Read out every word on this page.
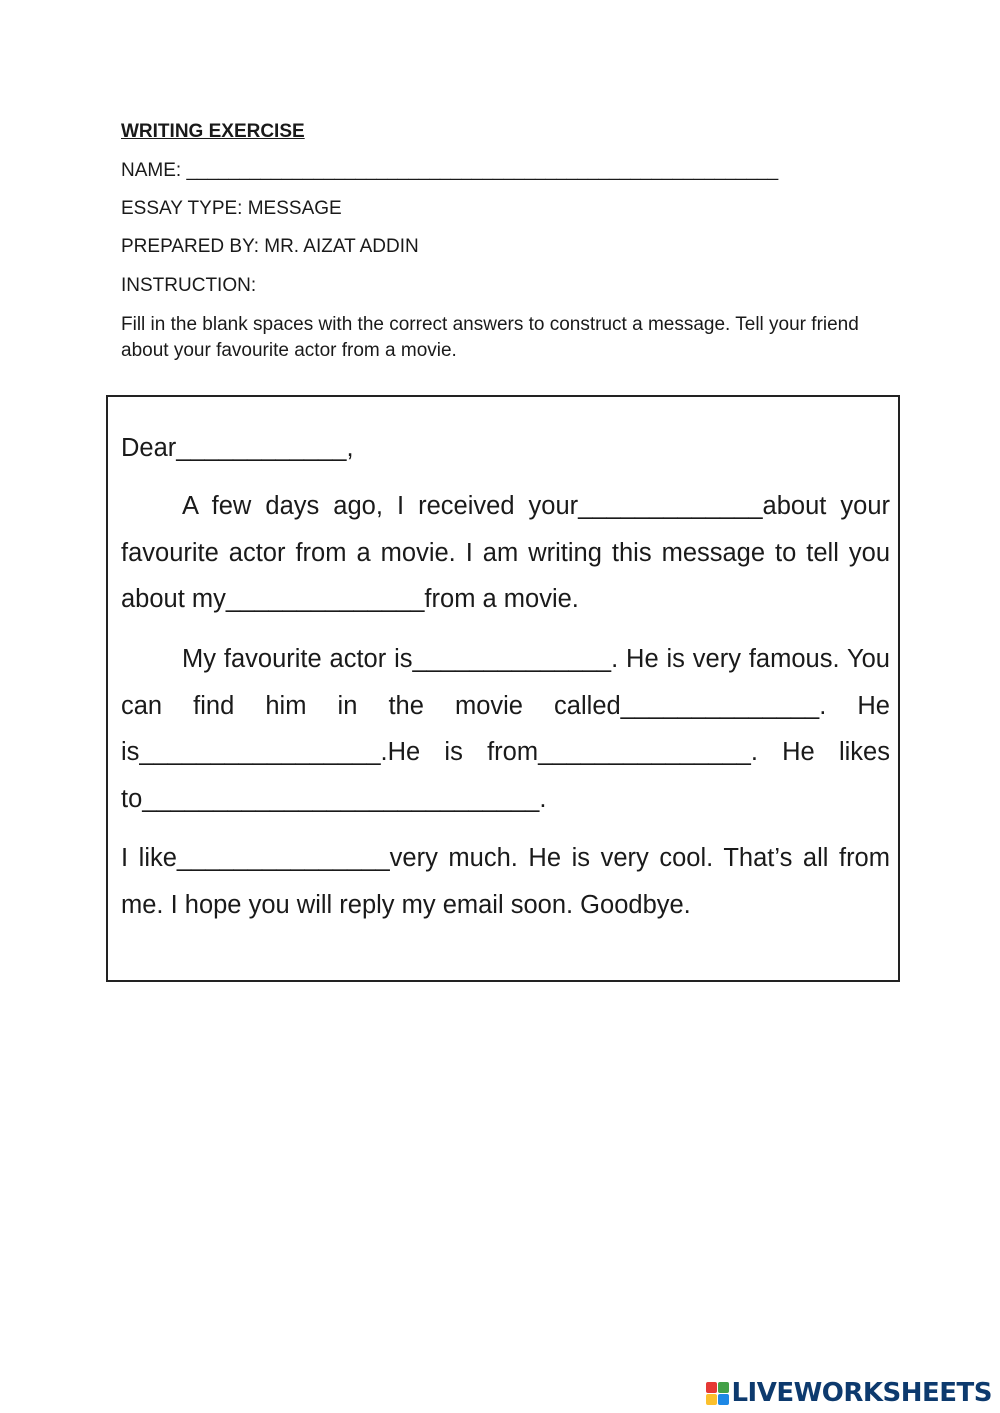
WRITING EXERCISE
NAME: ________________________________________________________
ESSAY TYPE: MESSAGE
PREPARED BY: MR. AIZAT ADDIN
INSTRUCTION:
Fill in the blank spaces with the correct answers to construct a message. Tell your friend about your favourite actor from a movie.
Dear____________,
A few days ago, I received your_____________about your favourite actor from a movie. I am writing this message to tell you about my______________from a movie.
My favourite actor is______________. He is very famous. You can find him in the movie called______________. He is_________________.He is from_______________. He likes to____________________________.
I like_______________very much. He is very cool. That’s all from me. I hope you will reply my email soon. Goodbye.
LIVEWORKSHEETS
